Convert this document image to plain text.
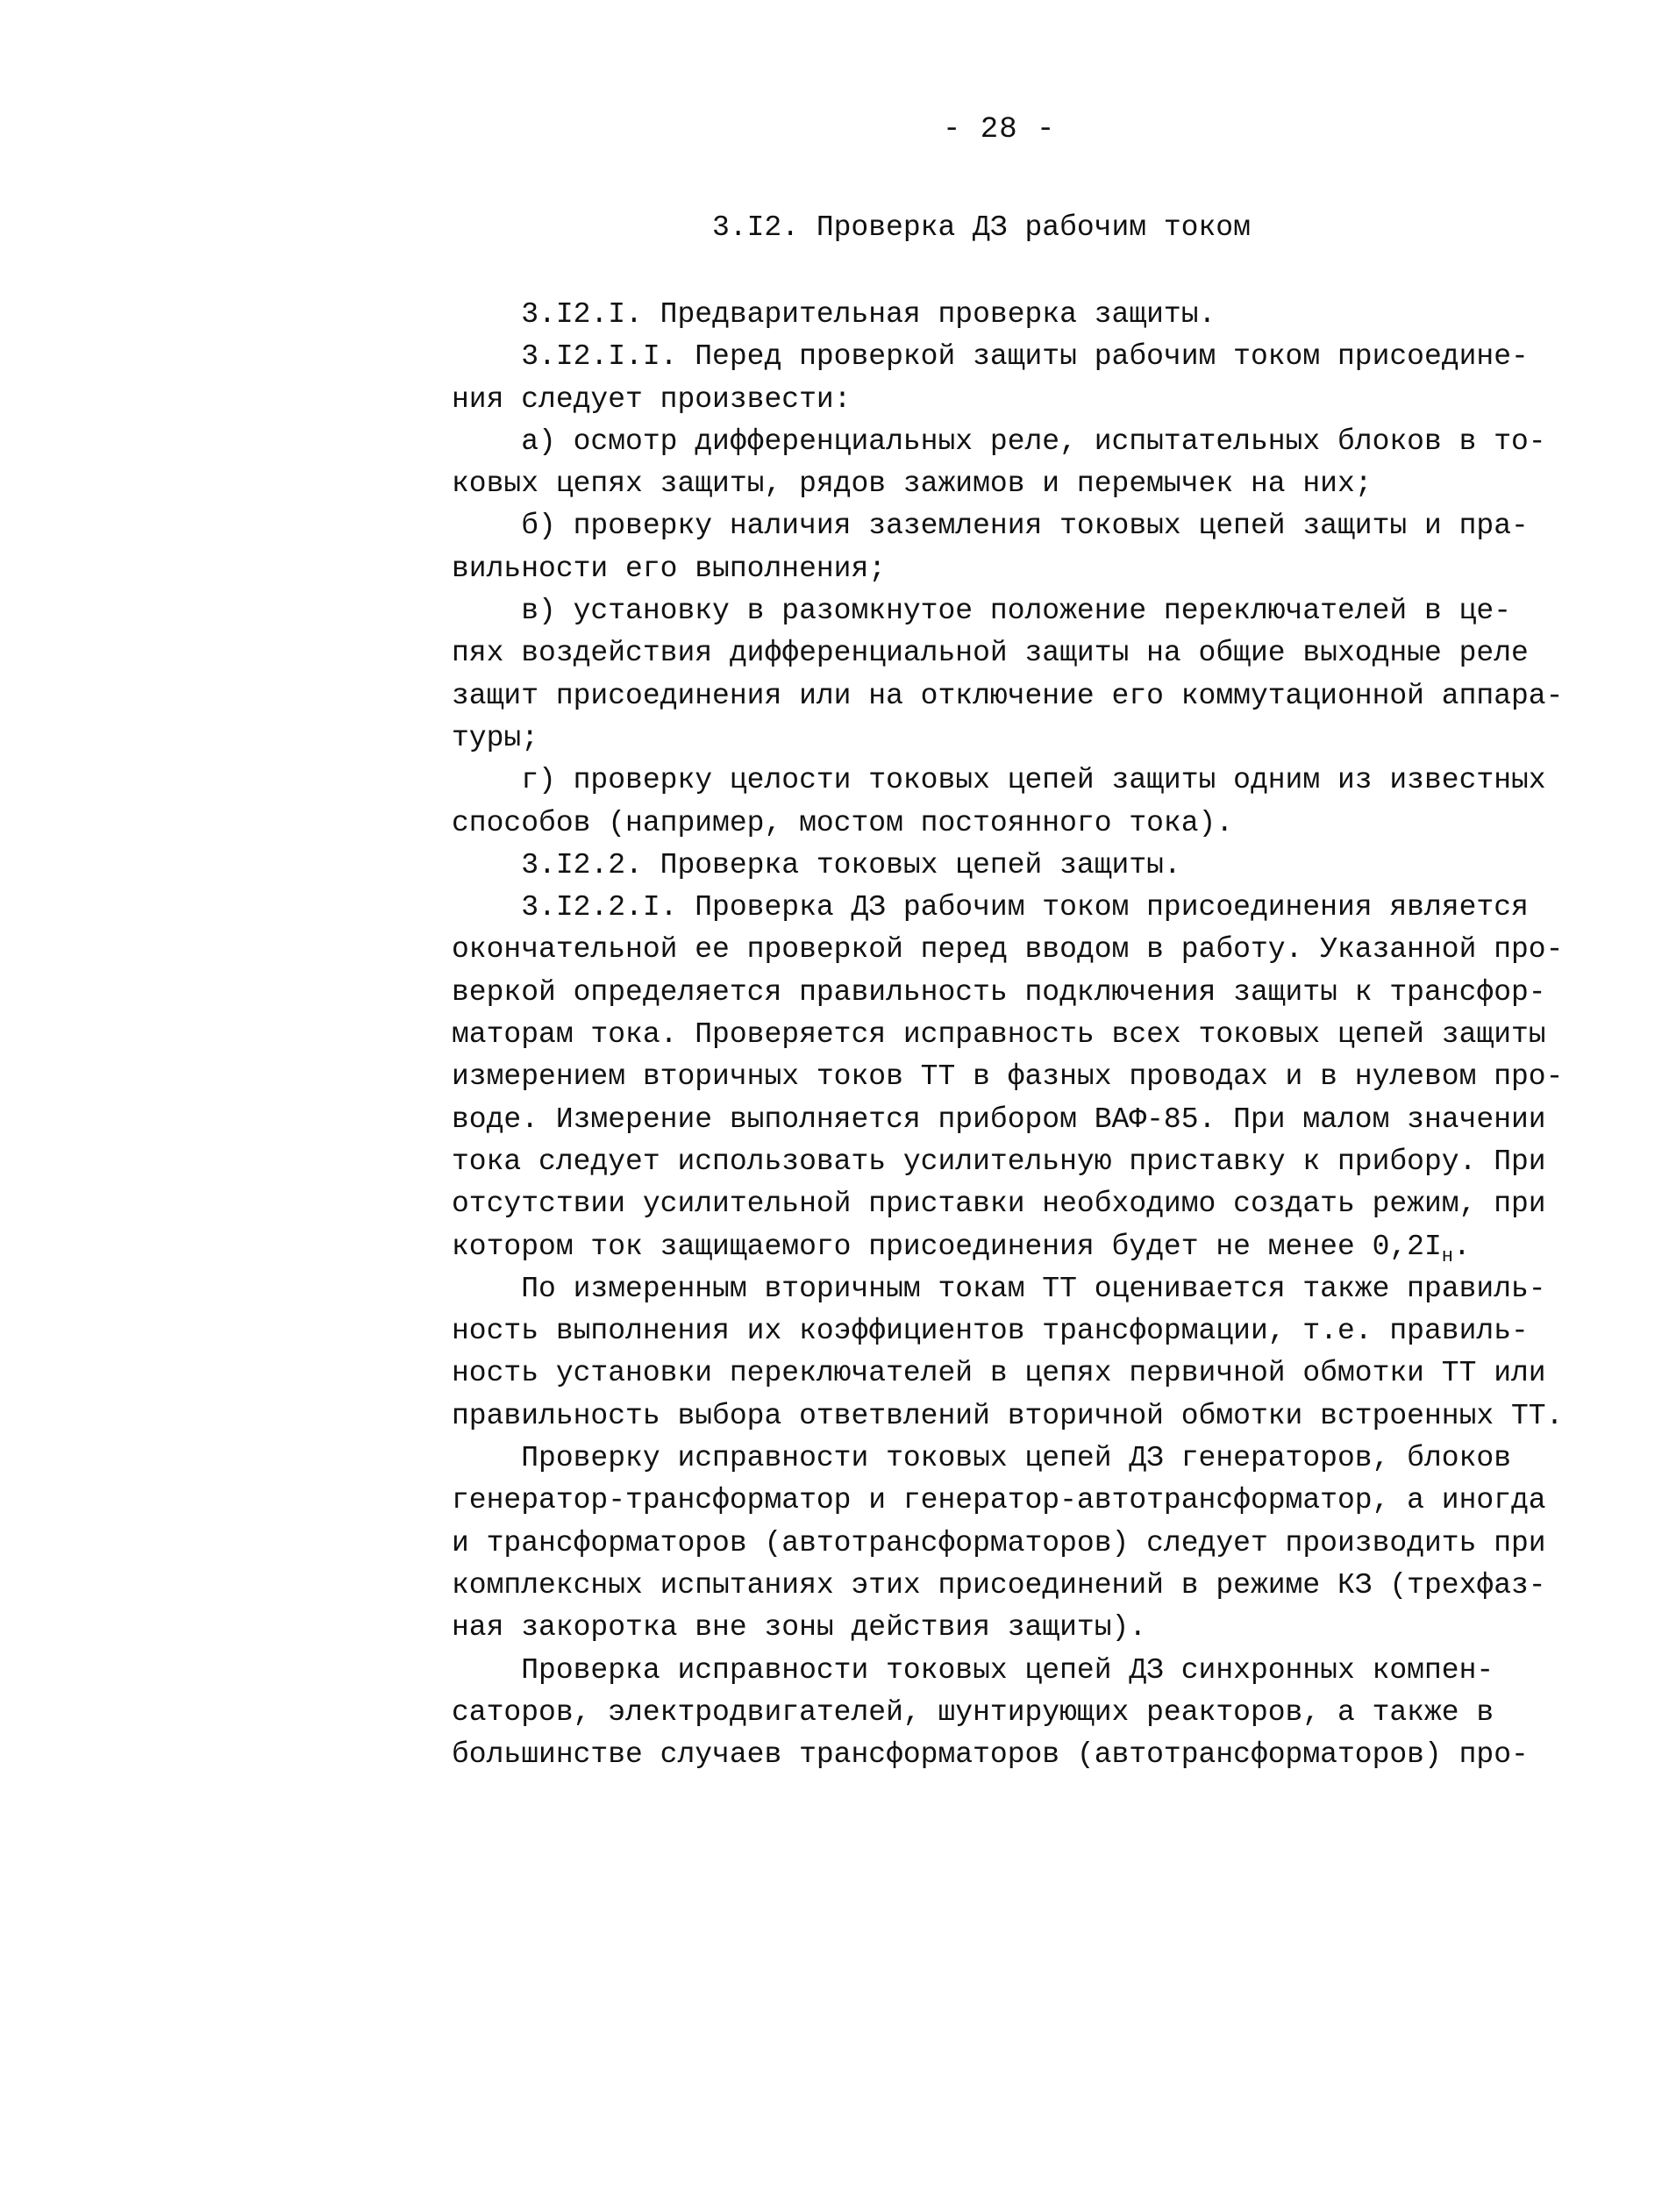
- 28 -
3.I2. Проверка ДЗ рабочим током
3.I2.I. Предварительная проверка защиты.
3.I2.I.I. Перед проверкой защиты рабочим током присоедине-
ния следует произвести:
а) осмотр дифференциальных реле, испытательных блоков в то-
ковых цепях защиты, рядов зажимов и перемычек на них;
б) проверку наличия заземления токовых цепей защиты и пра-
вильности его выполнения;
в) установку в разомкнутое положение переключателей в це-
пях воздействия дифференциальной защиты на общие выходные реле
защит присоединения или на отключение его коммутационной аппара-
туры;
г) проверку целости токовых цепей защиты одним из известных
способов (например, мостом постоянного тока).
3.I2.2. Проверка токовых цепей защиты.
3.I2.2.I. Проверка ДЗ рабочим током присоединения является
окончательной ее проверкой перед вводом в работу. Указанной про-
веркой определяется правильность подключения защиты к трансфор-
маторам тока. Проверяется исправность всех токовых цепей защиты
измерением вторичных токов ТТ в фазных проводах и в нулевом про-
воде. Измерение выполняется прибором ВАФ-85. При малом значении
тока следует использовать усилительную приставку к прибору. При
отсутствии усилительной приставки необходимо создать режим, при
котором ток защищаемого присоединения будет не менее $0,2I_н$.
По измеренным вторичным токам ТТ оценивается также правиль-
ность выполнения их коэффициентов трансформации, т.е. правиль-
ность установки переключателей в цепях первичной обмотки ТТ или
правильность выбора ответвлений вторичной обмотки встроенных ТТ.
Проверку исправности токовых цепей ДЗ генераторов, блоков
генератор-трансформатор и генератор-автотрансформатор, а иногда
и трансформаторов (автотрансформаторов) следует производить при
комплексных испытаниях этих присоединений в режиме КЗ (трехфаз-
ная закоротка вне зоны действия защиты).
Проверка исправности токовых цепей ДЗ синхронных компен-
саторов, электродвигателей, шунтирующих реакторов, а также в
большинстве случаев трансформаторов (автотрансформаторов) про-
